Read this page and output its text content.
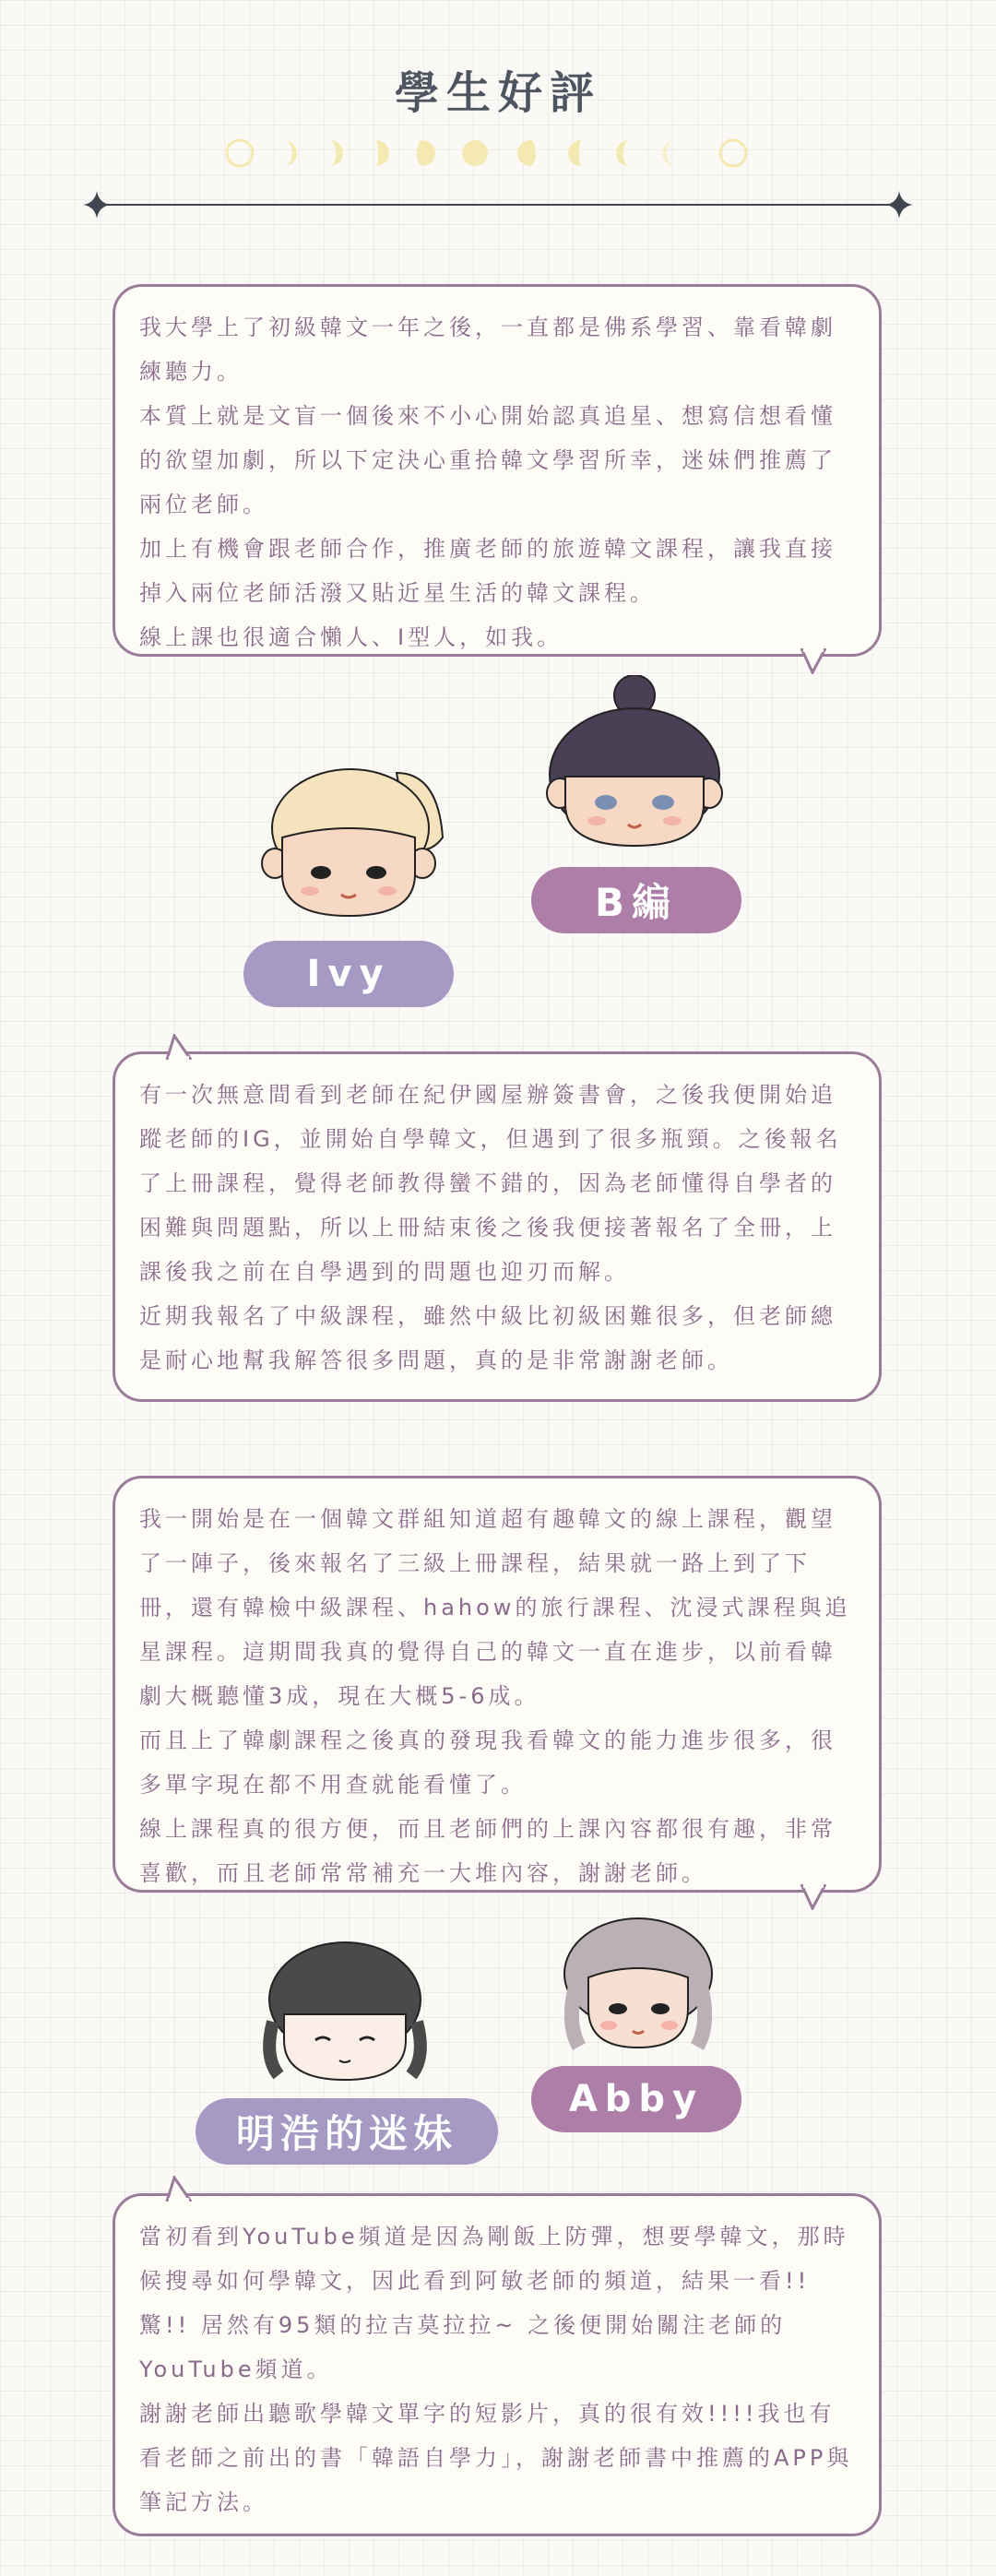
學生好評

我大學上了初級韓文一年之後，一直都是佛系學習、靠看韓劇練聽力。

本質上就是文盲一個後來不小心開始認真追星、想寫信想看懂的欲望加劇，所以下定決心重拾韓文學習所幸，迷妹們推薦了兩位老師。

加上有機會跟老師合作，推廣老師的旅遊韓文課程，讓我直接掉入兩位老師活潑又貼近星生活的韓文課程。

線上課也很適合懶人、I型人，如我。

B編
Ivy

有一次無意間看到老師在紀伊國屋辦簽書會，之後我便開始追蹤老師的IG，並開始自學韓文，但遇到了很多瓶頸。之後報名了上冊課程，覺得老師教得蠻不錯的，因為老師懂得自學者的困難與問題點，所以上冊結束後之後我便接著報名了全冊，上課後我之前在自學遇到的問題也迎刃而解。

近期我報名了中級課程，雖然中級比初級困難很多，但老師總是耐心地幫我解答很多問題，真的是非常謝謝老師。

我一開始是在一個韓文群組知道超有趣韓文的線上課程，觀望了一陣子，後來報名了三級上冊課程，結果就一路上到了下冊，還有韓檢中級課程、hahow的旅行課程、沈浸式課程與追星課程。這期間我真的覺得自己的韓文一直在進步，以前看韓劇大概聽懂3成，現在大概5-6成。

而且上了韓劇課程之後真的發現我看韓文的能力進步很多，很多單字現在都不用查就能看懂了。

線上課程真的很方便，而且老師們的上課內容都很有趣，非常喜歡，而且老師常常補充一大堆內容，謝謝老師。

Abby
明浩的迷妹

當初看到YouTube頻道是因為剛飯上防彈，想要學韓文，那時候搜尋如何學韓文，因此看到阿敏老師的頻道，結果一看!!驚!! 居然有95類的拉吉莫拉拉~ 之後便開始關注老師的YouTube頻道。

謝謝老師出聽歌學韓文單字的短影片，真的很有效!!!!我也有看老師之前出的書「韓語自學力」，謝謝老師書中推薦的APP與筆記方法。
